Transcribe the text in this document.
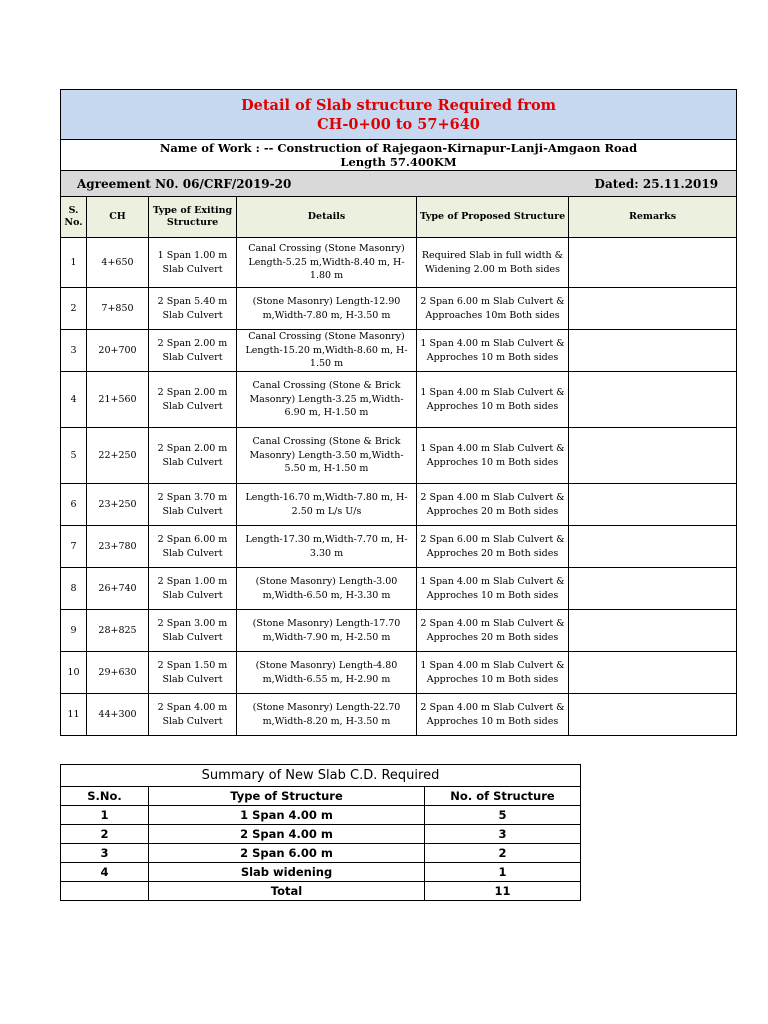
Detail of Slab structure Required from
CH-0+00 to 57+640					

Name of Work : -- Construction of Rajegaon-Kirnapur-Lanji-Amgaon Road
Length 57.400KM					

Agreement N0. 06/CRF/2019-20 Dated: 25.11.2019					

S. No.	CH	Type of Exiting Structure	Details	Type of Proposed Structure	Remarks
1	4+650	1 Span 1.00 m Slab Culvert	Canal Crossing (Stone Masonry) Length-5.25 m,Width-8.40 m, H-1.80 m	Required Slab in full width & Widening 2.00 m Both sides	
2	7+850	2 Span 5.40 m Slab Culvert	(Stone Masonry) Length-12.90 m,Width-7.80 m, H-3.50 m	2 Span 6.00 m Slab Culvert & Approaches 10m Both sides	
3	20+700	2 Span 2.00 m Slab Culvert	Canal Crossing (Stone Masonry) Length-15.20 m,Width-8.60 m, H-1.50 m	1 Span 4.00 m Slab Culvert & Approches 10 m Both sides	
4	21+560	2 Span 2.00 m Slab Culvert	Canal Crossing (Stone & Brick Masonry) Length-3.25 m,Width-6.90 m, H-1.50 m	1 Span 4.00 m Slab Culvert & Approches 10 m Both sides	
5	22+250	2 Span 2.00 m Slab Culvert	Canal Crossing (Stone & Brick Masonry) Length-3.50 m,Width-5.50 m, H-1.50 m	1 Span 4.00 m Slab Culvert & Approches 10 m Both sides	
6	23+250	2 Span 3.70 m Slab Culvert	Length-16.70 m,Width-7.80 m, H-2.50 m L/s U/s	2 Span 4.00 m Slab Culvert & Approches 20 m Both sides	
7	23+780	2 Span 6.00 m Slab Culvert	Length-17.30 m,Width-7.70 m, H-3.30 m	2 Span 6.00 m Slab Culvert & Approches 20 m Both sides	
8	26+740	2 Span 1.00 m Slab Culvert	(Stone Masonry) Length-3.00 m,Width-6.50 m, H-3.30 m	1 Span 4.00 m Slab Culvert & Approches 10 m Both sides	
9	28+825	2 Span 3.00 m Slab Culvert	(Stone Masonry) Length-17.70 m,Width-7.90 m, H-2.50 m	2 Span 4.00 m Slab Culvert & Approches 20 m Both sides	
10	29+630	2 Span 1.50 m Slab Culvert	(Stone Masonry) Length-4.80 m,Width-6.55 m, H-2.90 m	1 Span 4.00 m Slab Culvert & Approches 10 m Both sides	
11	44+300	2 Span 4.00 m Slab Culvert	(Stone Masonry) Length-22.70 m,Width-8.20 m, H-3.50 m	2 Span 4.00 m Slab Culvert & Approches 10 m Both sides	
Summary of New Slab C.D. Required		
S.No.	Type of Structure	No. of Structure
1	1 Span 4.00 m	5
2	2 Span 4.00 m	3
3	2 Span 6.00 m	2
4	Slab widening	1
	Total	11
